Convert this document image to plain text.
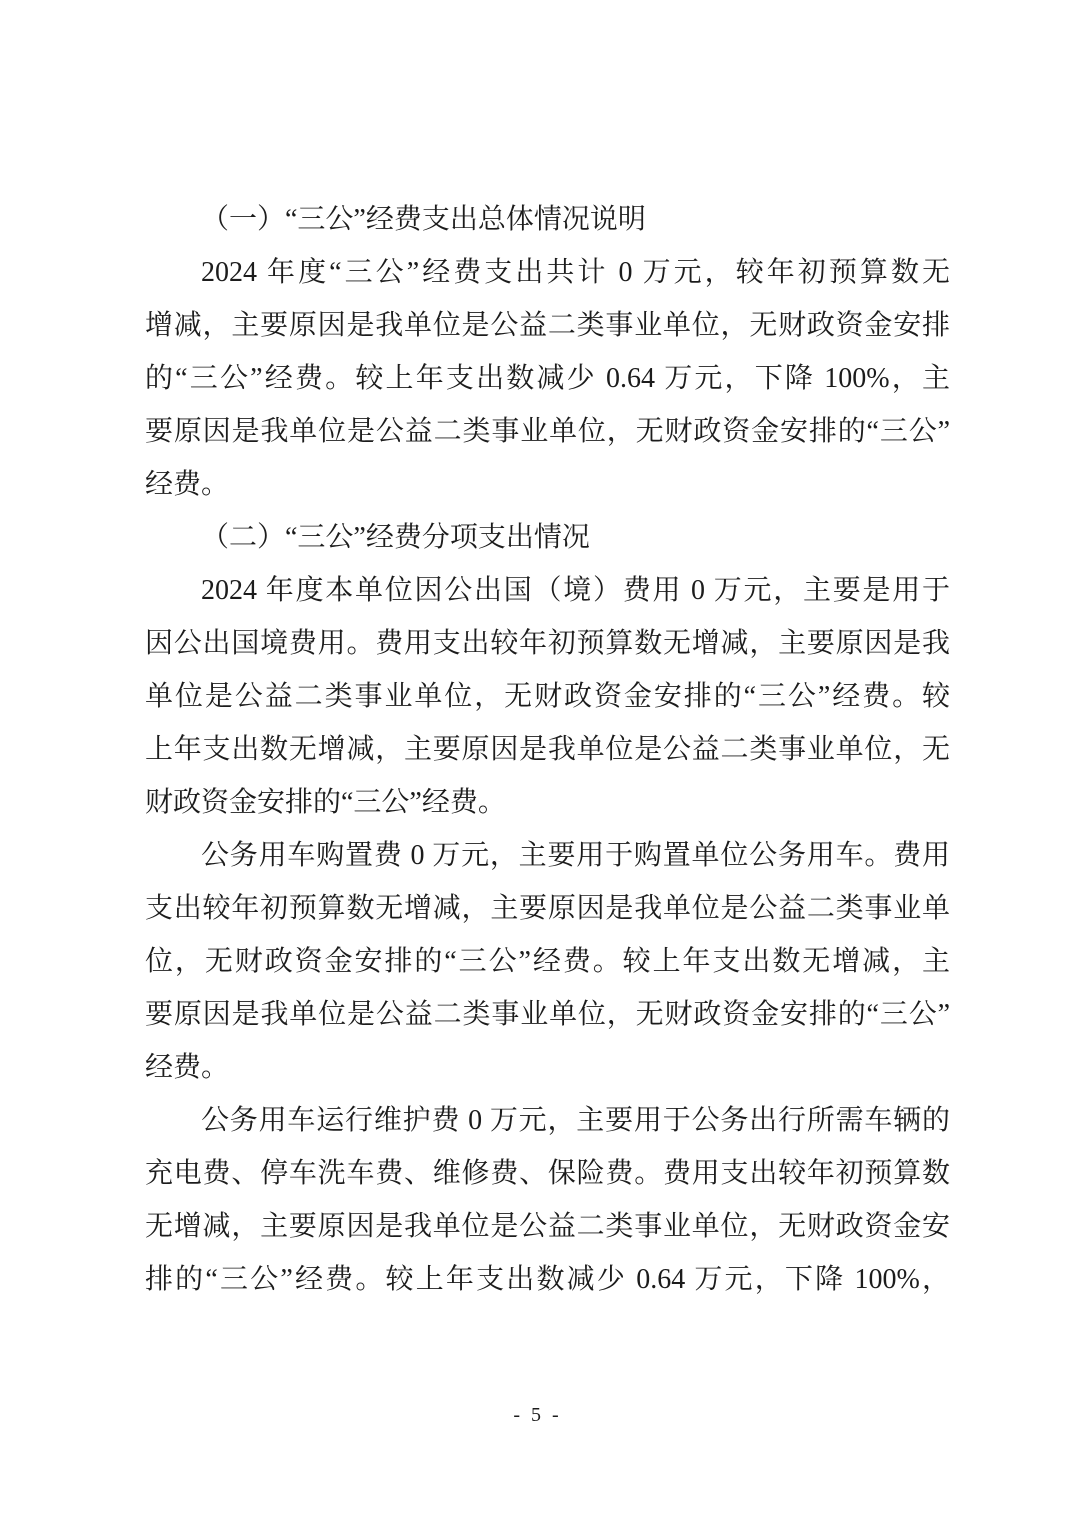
（一）“三公”经费支出总体情况说明
2024 年度“三公”经费支出共计 0 万元，较年初预算数无
增减，主要原因是我单位是公益二类事业单位，无财政资金安排
的“三公”经费。较上年支出数减少 0.64 万元，下降 100%，主
要原因是我单位是公益二类事业单位，无财政资金安排的“三公”
经费。
（二）“三公”经费分项支出情况
2024 年度本单位因公出国（境）费用 0 万元，主要是用于
因公出国境费用。费用支出较年初预算数无增减，主要原因是我
单位是公益二类事业单位，无财政资金安排的“三公”经费。较
上年支出数无增减，主要原因是我单位是公益二类事业单位，无
财政资金安排的“三公”经费。
公务用车购置费 0 万元，主要用于购置单位公务用车。费用
支出较年初预算数无增减，主要原因是我单位是公益二类事业单
位，无财政资金安排的“三公”经费。较上年支出数无增减，主
要原因是我单位是公益二类事业单位，无财政资金安排的“三公”
经费。
公务用车运行维护费 0 万元，主要用于公务出行所需车辆的
充电费、停车洗车费、维修费、保险费。费用支出较年初预算数
无增减，主要原因是我单位是公益二类事业单位，无财政资金安
排的“三公”经费。较上年支出数减少 0.64 万元，下降 100%，
- 5 -
